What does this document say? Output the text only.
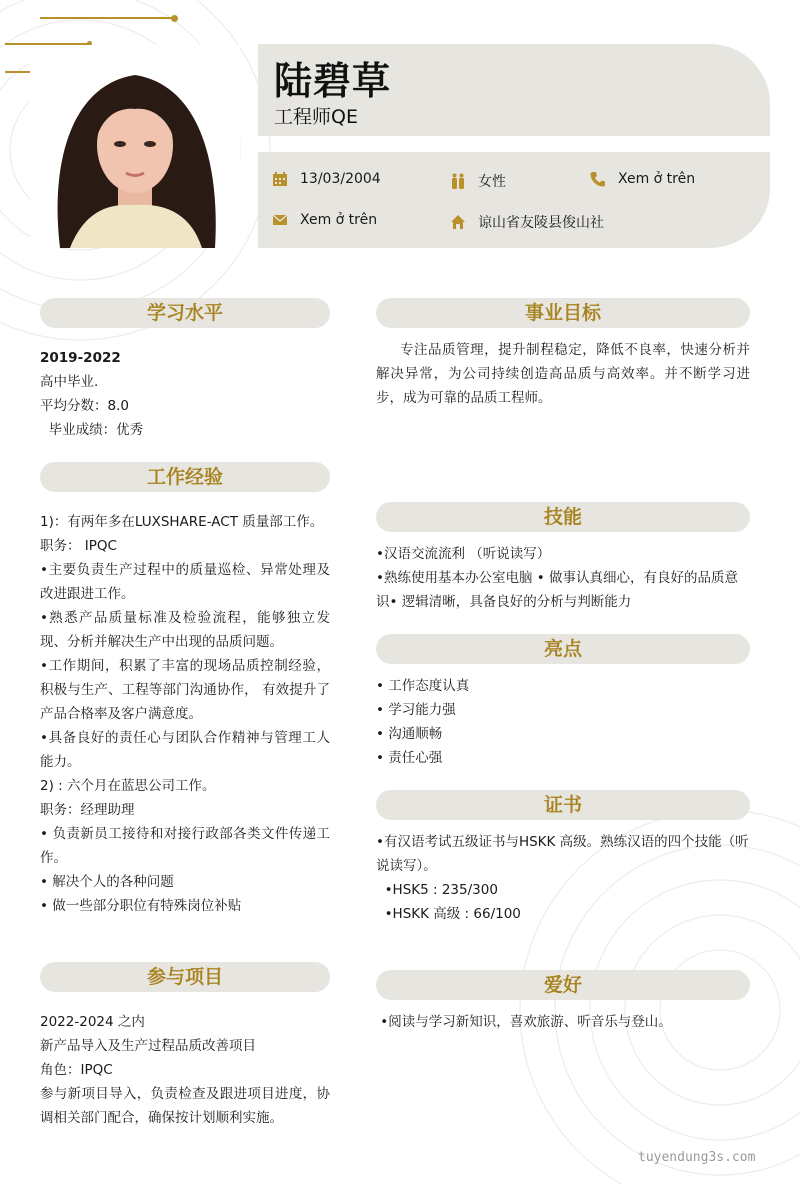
陆碧草
工程师QE
13/03/2004	女性	Xem ở trên
Xem ở trên	谅山省友陵县俊山社
学习水平

2019-2022

高中毕业.

平均分数：8.0

毕业成绩：优秀

工作经验

1)：有两年多在LUXSHARE-ACT 质量部工作。

职务： IPQC

•主要负责生产过程中的质量巡检、异常处理及改进跟进工作。

•熟悉产品质量标准及检验流程，能够独立发现、分析并解决生产中出现的品质问题。

•工作期间，积累了丰富的现场品质控制经验，积极与生产、工程等部门沟通协作， 有效提升了产品合格率及客户满意度。

•具备良好的责任心与团队合作精神与管理工人能力。

2) : 六个月在蓝思公司工作。

职务：经理助理

• 负责新员工接待和对接行政部各类文件传递工作。

• 解决个人的各种问题

• 做一些部分职位有特殊岗位补贴

参与项目

2022-2024 之内

新产品导入及生产过程品质改善项目

角色：IPQC

参与新项目导入，负责检查及跟进项目进度，协调相关部门配合，确保按计划顺利实施。

事业目标

专注品质管理，提升制程稳定，降低不良率，快速分析并解决异常，为公司持续创造高品质与高效率。并不断学习进步，成为可靠的品质工程师。

技能

•汉语交流流利 （听说读写）

•熟练使用基本办公室电脑 • 做事认真细心，有良好的品质意识• 逻辑清晰，具备良好的分析与判断能力

亮点

• 工作态度认真

• 学习能力强

• 沟通顺畅

• 责任心强

证书

•有汉语考试五级证书与HSKK 高级。熟练汉语的四个技能（听说读写）。

•HSK5 : 235/300

•HSKK 高级 : 66/100

爱好

•阅读与学习新知识，喜欢旅游、听音乐与登山。

tuyendung3s.com
